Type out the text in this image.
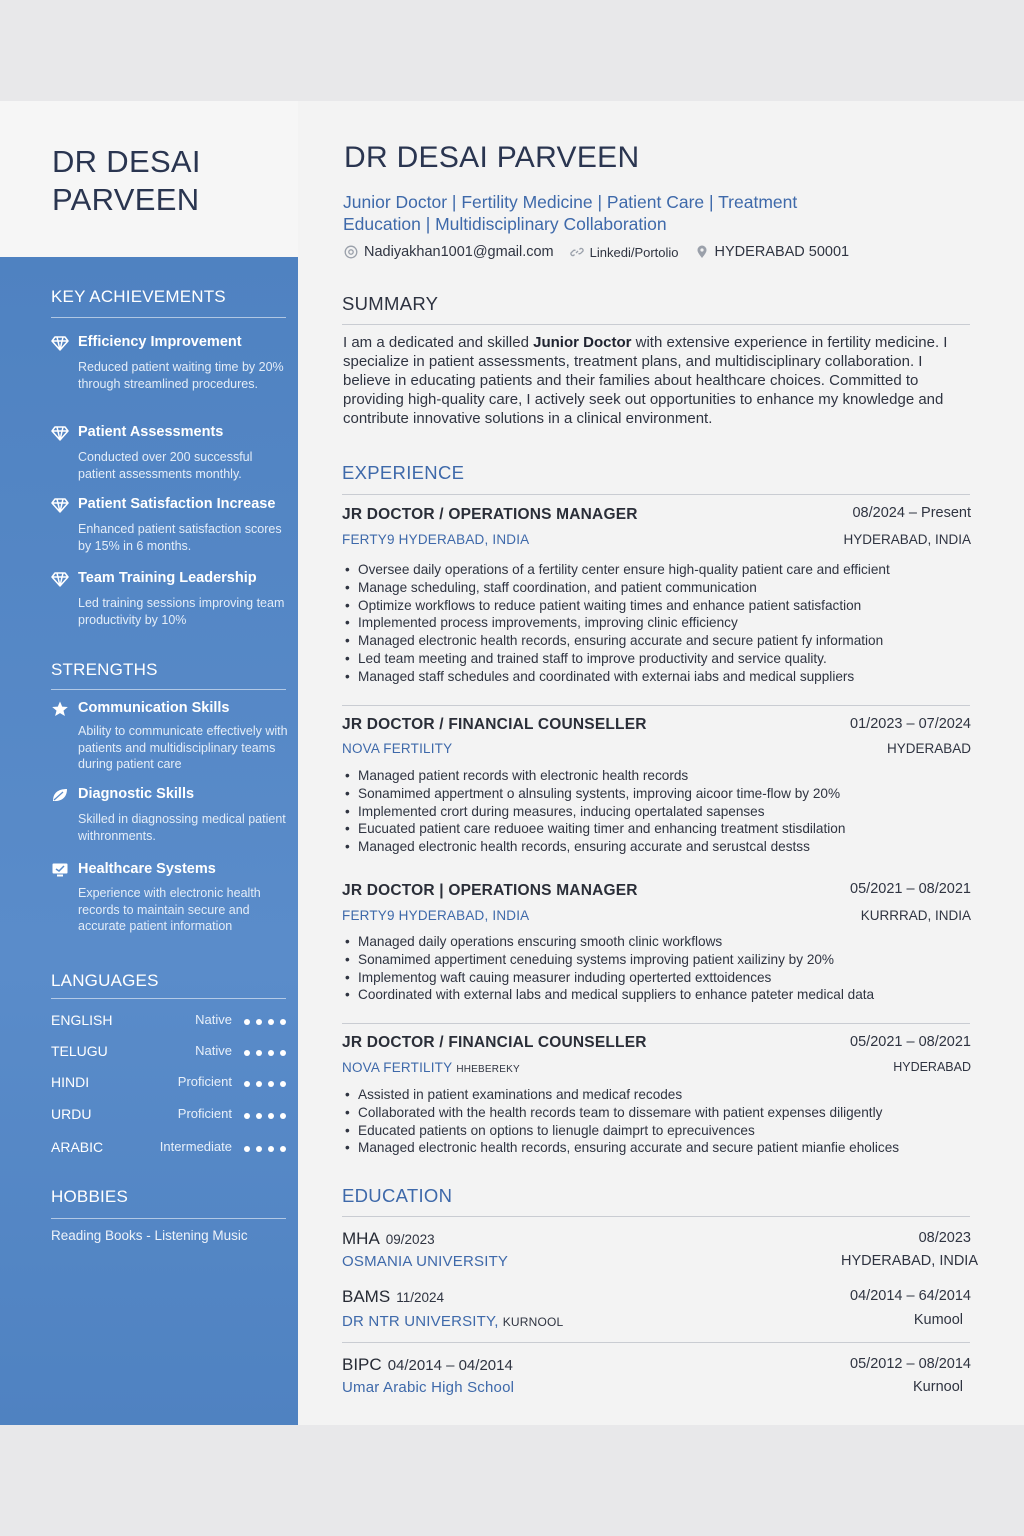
DR DESAI
PARVEEN
KEY ACHIEVEMENTS
Efficiency Improvement
Reduced patient waiting time by 20% through streamlined procedures.
Patient Assessments
Conducted over 200 successful patient assessments monthly.
Patient Satisfaction Increase
Enhanced patient satisfaction scores by 15% in 6 months.
Team Training Leadership
Led training sessions improving team productivity by 10%
STRENGTHS
Communication Skills
Ability to communicate effectively with patients and multidisciplinary teams during patient care
Diagnostic Skills
Skilled in diagnossing medical patient withronments.
Healthcare Systems
Experience with electronic health records to maintain secure and accurate patient information
LANGUAGES
ENGLISH	Native
TELUGU	Native
HINDI	Proficient
URDU	Proficient
ARABIC	Intermediate
HOBBIES
Reading Books - Listening Music
DR DESAI PARVEEN
Junior Doctor | Fertility Medicine | Patient Care | Treatment
Education | Multidisciplinary Collaboration
Nadiyakhan1001@gmail.com	Linkedi/Portolio HYDERABAD 50001
SUMMARY
I am a dedicated and skilled Junior Doctor with extensive experience in fertility medicine. I specialize in patient assessments, treatment plans, and multidisciplinary collaboration. I believe in educating patients and their families about healthcare choices. Committed to providing high-quality care, I actively seek out opportunities to enhance my knowledge and contribute innovative solutions in a clinical environment.
EXPERIENCE
JR DOCTOR / OPERATIONS MANAGER	08/2024 – Present
FERTY9 HYDERABAD, INDIA	HYDERABAD, INDIA
• Oversee daily operations of a fertility center ensure high-quality patient care and efficient
• Manage scheduling, staff coordination, and patient communication
• Optimize workflows to reduce patient waiting times and enhance patient satisfaction
• Implemented process improvements, improving clinic efficiency
• Managed electronic health records, ensuring accurate and secure patient fy information
• Led team meeting and trained staff to improve productivity and service quality.
• Managed staff schedules and coordinated with externai iabs and medical suppliers
JR DOCTOR / FINANCIAL COUNSELLER	01/2023 – 07/2024
NOVA FERTILITY	HYDERABAD
• Managed patient records with electronic health records
• Sonamimed appertment o alnsuling systents, improving aicoor time-flow by 20%
• Implemented crort during measures, inducing opertalated sapenses
• Eucuated patient care reduoee waiting timer and enhancing treatment stisdilation
• Managed electronic health records, ensuring accurate and serustcal destss
JR DOCTOR | OPERATIONS MANAGER	05/2021 – 08/2021
FERTY9 HYDERABAD, INDIA	KURRRAD, INDIA
• Managed daily operations enscuring smooth clinic workflows
• Sonamimed appertiment ceneduing systems improving patient xailiziny by 20%
• Implementog waft cauing measurer induding operterted exttoidences
• Coordinated with external labs and medical suppliers to enhance pateter medical data
JR DOCTOR / FINANCIAL COUNSELLER	05/2021 – 08/2021
NOVA FERTILITY HHEBEREKY	HYDERABAD
• Assisted in patient examinations and medicaf recodes
• Collaborated with the health records team to dissemare with patient expenses diligently
• Educated patients on options to lienugle daimprt to eprecuivences
• Managed electronic health records, ensuring accurate and secure patient mianfie eholices
EDUCATION
MHA 09/2023	08/2023
OSMANIA UNIVERSITY	HYDERABAD, INDIA
BAMS 11/2024	04/2014 – 64/2014
DR NTR UNIVERSITY, KURNOOL	Kumool
BIPC 04/2014 – 04/2014	05/2012 – 08/2014
Umar Arabic High School	Kurnool
